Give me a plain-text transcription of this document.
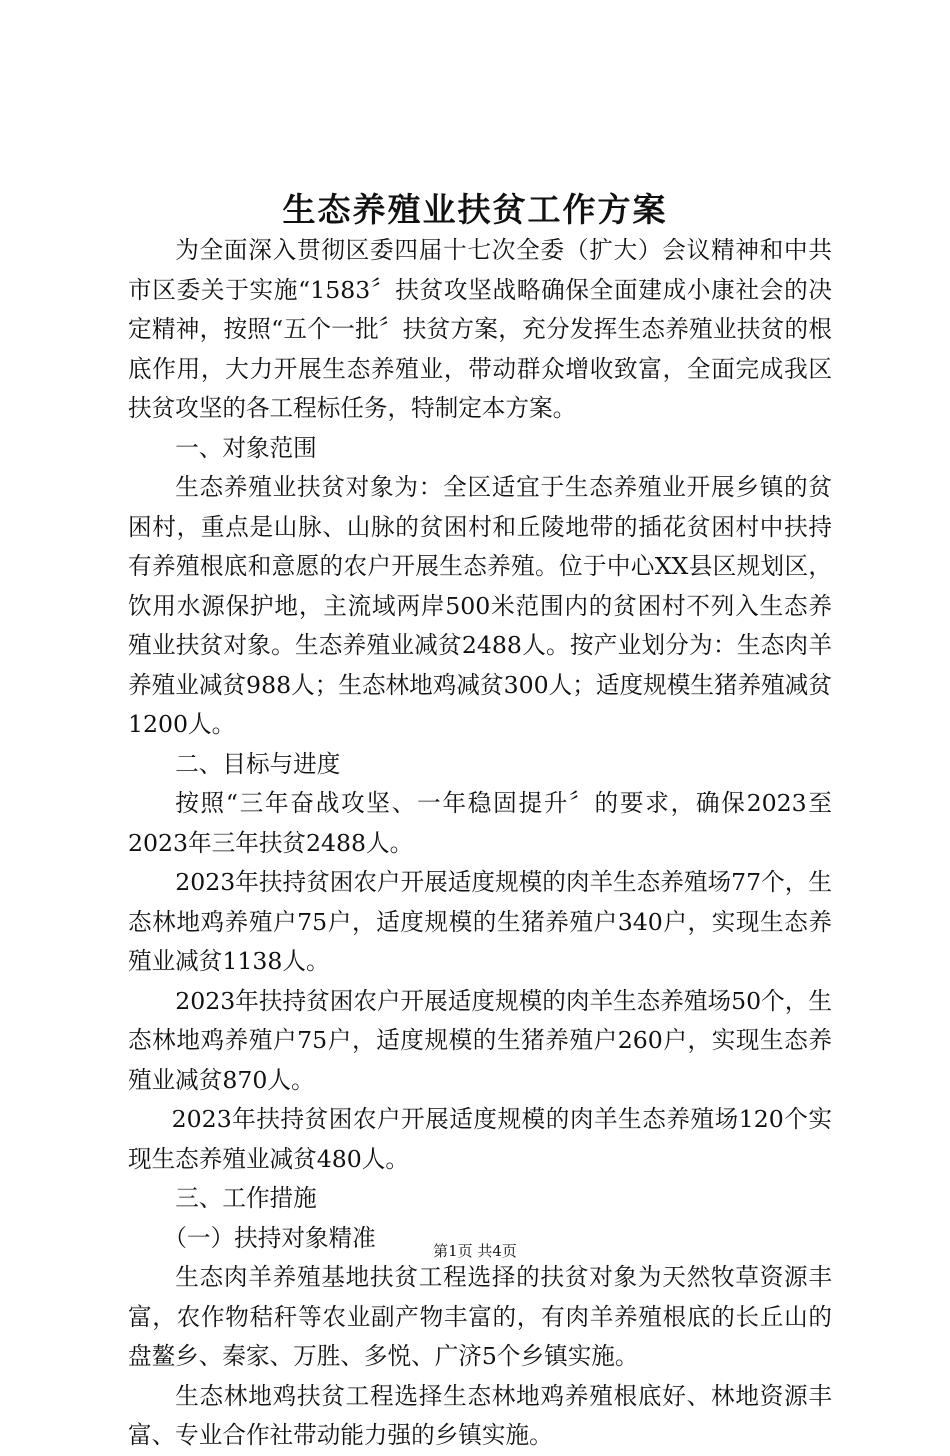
生态养殖业扶贫工作方案

为全面深入贯彻区委四届十七次全委（扩大）会议精神和中共市区委关于实施“1583〞扶贫攻坚战略确保全面建成小康社会的决定精神，按照“五个一批〞扶贫方案，充分发挥生态养殖业扶贫的根底作用，大力开展生态养殖业，带动群众增收致富，全面完成我区扶贫攻坚的各工程标任务，特制定本方案。

一、对象范围

生态养殖业扶贫对象为：全区适宜于生态养殖业开展乡镇的贫困村，重点是山脉、山脉的贫困村和丘陵地带的插花贫困村中扶持有养殖根底和意愿的农户开展生态养殖。位于中心XX县区规划区，饮用水源保护地，主流域两岸500米范围内的贫困村不列入生态养殖业扶贫对象。生态养殖业减贫2488人。按产业划分为：生态肉羊养殖业减贫988人；生态林地鸡减贫300人；适度规模生猪养殖减贫1200人。

二、目标与进度

按照“三年奋战攻坚、一年稳固提升〞的要求，确保2023至2023年三年扶贫2488人。

2023年扶持贫困农户开展适度规模的肉羊生态养殖场77个，生态林地鸡养殖户75户，适度规模的生猪养殖户340户，实现生态养殖业减贫1138人。

2023年扶持贫困农户开展适度规模的肉羊生态养殖场50个，生态林地鸡养殖户75户，适度规模的生猪养殖户260户，实现生态养殖业减贫870人。

2023年扶持贫困农户开展适度规模的肉羊生态养殖场120个实现生态养殖业减贫480人。

三、工作措施

（一）扶持对象精准

生态肉羊养殖基地扶贫工程选择的扶贫对象为天然牧草资源丰富，农作物秸秆等农业副产物丰富的，有肉羊养殖根底的长丘山的盘鳌乡、秦家、万胜、多悦、广济5个乡镇实施。

生态林地鸡扶贫工程选择生态林地鸡养殖根底好、林地资源丰富、专业合作社带动能力强的乡镇实施。

第1页 共4页
